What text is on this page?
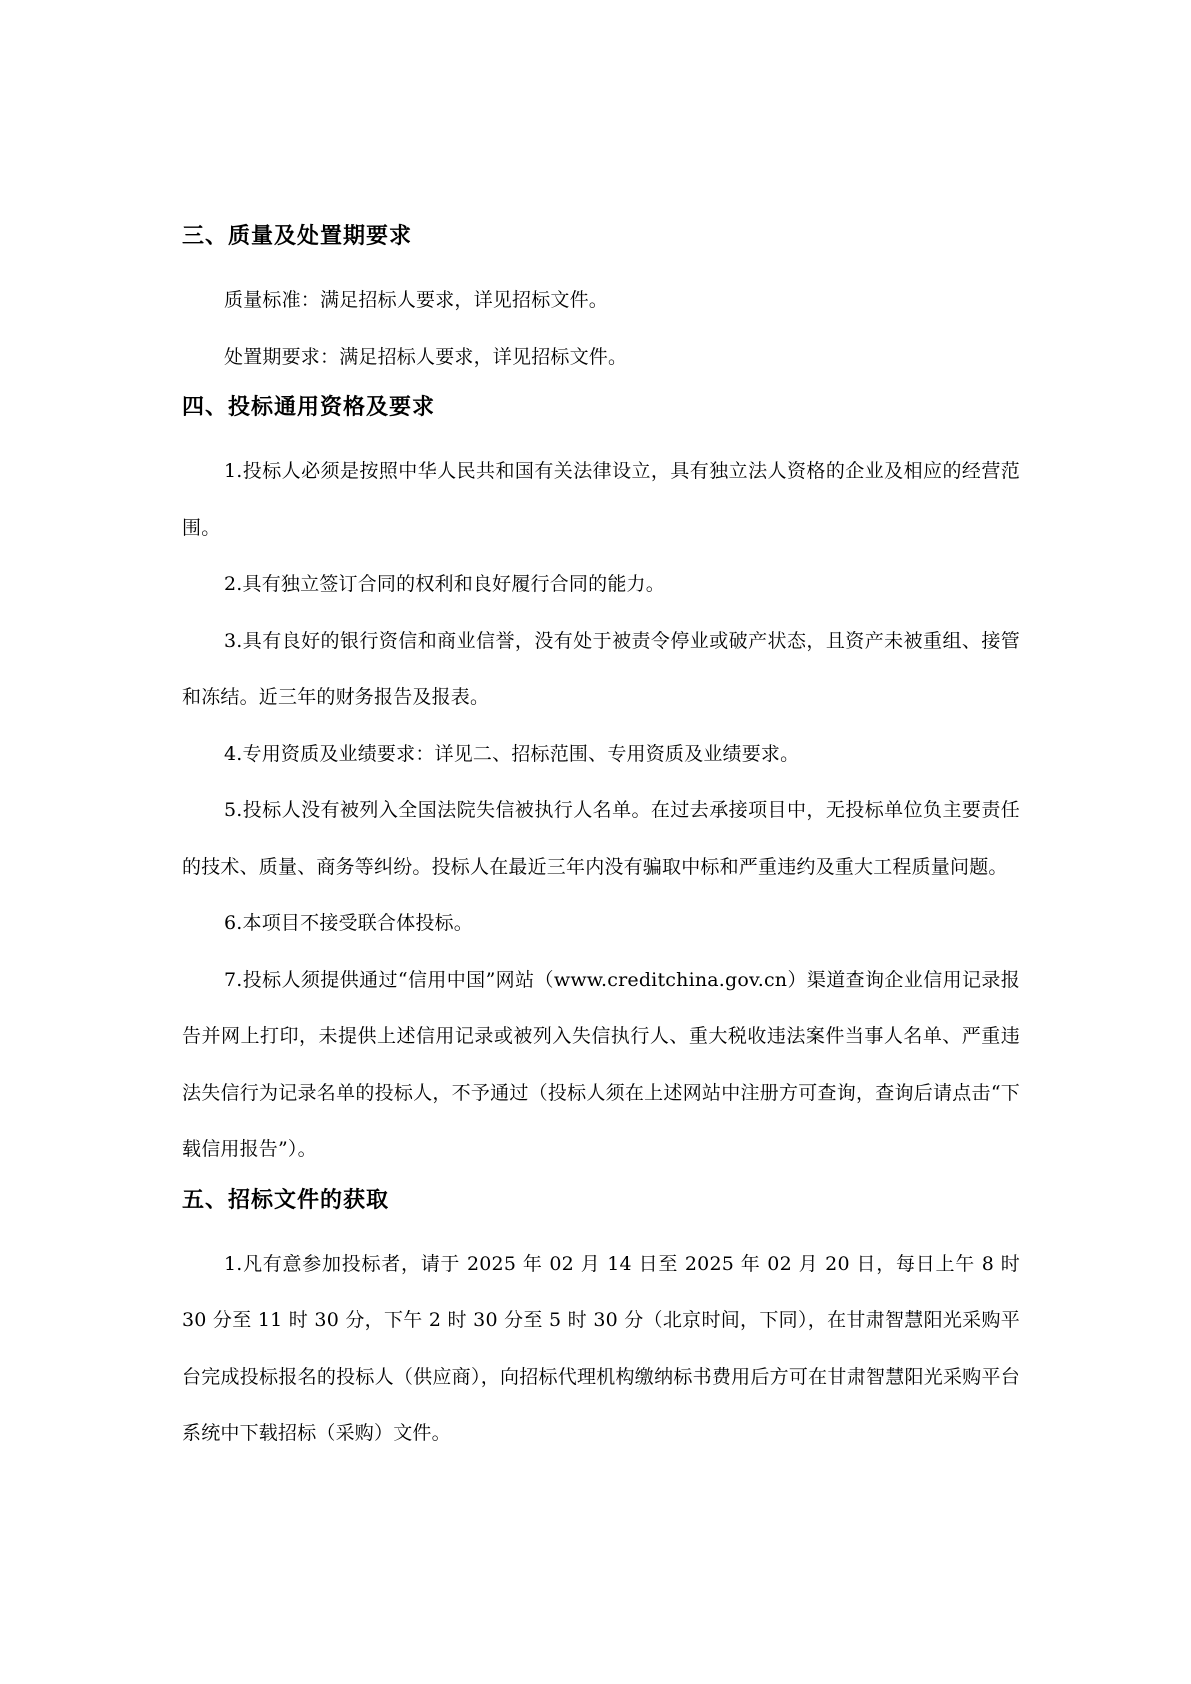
三、质量及处置期要求

质量标准：满足招标人要求，详见招标文件。

处置期要求：满足招标人要求，详见招标文件。

四、投标通用资格及要求

1.投标人必须是按照中华人民共和国有关法律设立，具有独立法人资格的企业及相应的经营范围。

2.具有独立签订合同的权利和良好履行合同的能力。

3.具有良好的银行资信和商业信誉，没有处于被责令停业或破产状态，且资产未被重组、接管和冻结。近三年的财务报告及报表。

4.专用资质及业绩要求：详见二、招标范围、专用资质及业绩要求。

5.投标人没有被列入全国法院失信被执行人名单。在过去承接项目中，无投标单位负主要责任的技术、质量、商务等纠纷。投标人在最近三年内没有骗取中标和严重违约及重大工程质量问题。

6.本项目不接受联合体投标。

7.投标人须提供通过“信用中国”网站（www.creditchina.gov.cn）渠道查询企业信用记录报告并网上打印，未提供上述信用记录或被列入失信执行人、重大税收违法案件当事人名单、严重违法失信行为记录名单的投标人，不予通过（投标人须在上述网站中注册方可查询，查询后请点击“下载信用报告”）。

五、招标文件的获取

1.凡有意参加投标者，请于 2025 年 02 月 14 日至 2025 年 02 月 20 日，每日上午 8 时 30 分至 11 时 30 分，下午 2 时 30 分至 5 时 30 分（北京时间，下同），在甘肃智慧阳光采购平台完成投标报名的投标人（供应商），向招标代理机构缴纳标书费用后方可在甘肃智慧阳光采购平台系统中下载招标（采购）文件。
